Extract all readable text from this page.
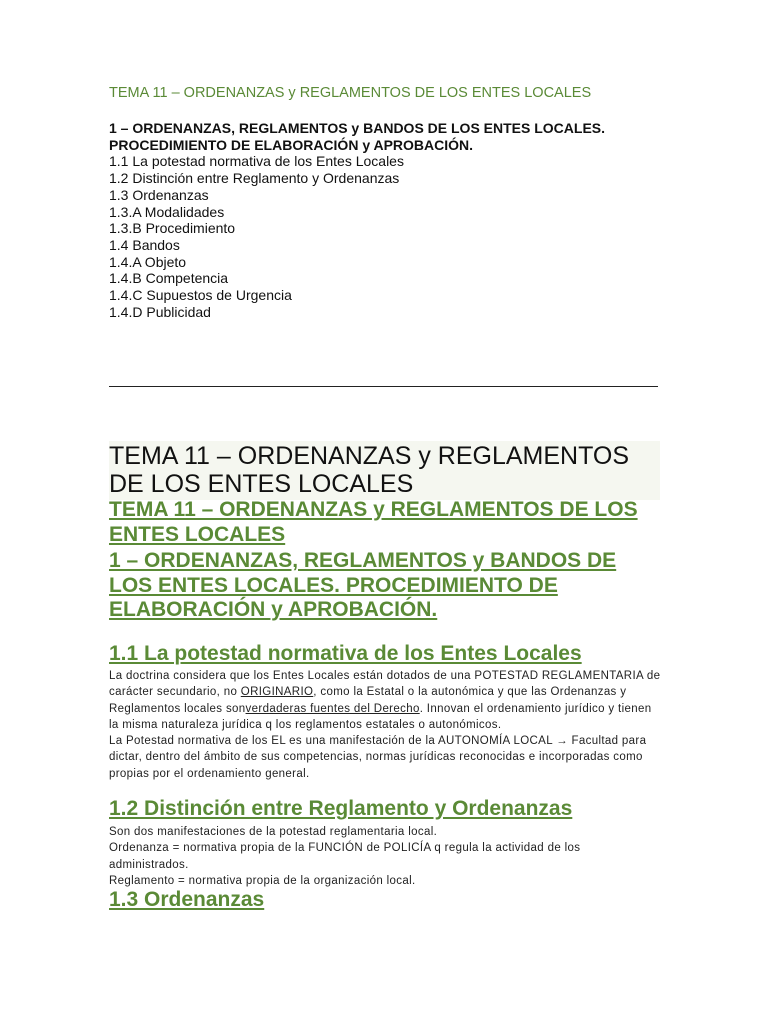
TEMA 11 – ORDENANZAS y REGLAMENTOS DE LOS ENTES LOCALES
1 – ORDENANZAS, REGLAMENTOS y BANDOS DE LOS ENTES LOCALES. PROCEDIMIENTO DE ELABORACIÓN y APROBACIÓN.
1.1 La potestad normativa de los Entes Locales
1.2 Distinción entre Reglamento y Ordenanzas
1.3 Ordenanzas
1.3.A Modalidades
1.3.B Procedimiento
1.4 Bandos
1.4.A Objeto
1.4.B Competencia
1.4.C Supuestos de Urgencia
1.4.D Publicidad
TEMA 11 – ORDENANZAS y REGLAMENTOS DE LOS ENTES LOCALES
TEMA 11 – ORDENANZAS y REGLAMENTOS DE LOS ENTES LOCALES
1 – ORDENANZAS, REGLAMENTOS y BANDOS DE LOS ENTES LOCALES. PROCEDIMIENTO DE ELABORACIÓN y APROBACIÓN.
1.1 La potestad normativa de los Entes Locales
La doctrina considera que los Entes Locales están dotados de una POTESTAD REGLAMENTARIA de carácter secundario, no ORIGINARIO, como la Estatal o la autonómica y que las Ordenanzas y Reglamentos locales sonverdaderas fuentes del Derecho. Innovan el ordenamiento jurídico y tienen la misma naturaleza jurídica q los reglamentos estatales o autonómicos.
La Potestad normativa de los EL es una manifestación de la AUTONOMÍA LOCAL → Facultad para dictar, dentro del ámbito de sus competencias, normas jurídicas reconocidas e incorporadas como propias por el ordenamiento general.
1.2 Distinción entre Reglamento y Ordenanzas
Son dos manifestaciones de la potestad reglamentaria local.
Ordenanza = normativa propia de la FUNCIÓN de POLICÍA q regula la actividad de los administrados.
Reglamento = normativa propia de la organización local.
1.3 Ordenanzas
